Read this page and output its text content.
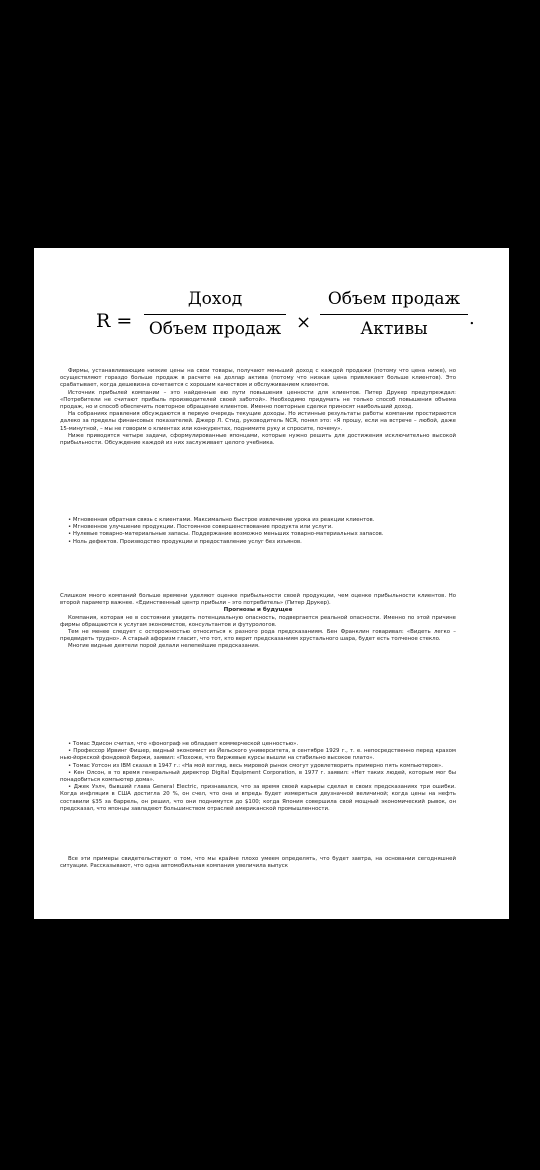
R =
Доход
Объем продаж ×
Объем продаж
Активы	.

Фирмы, устанавливающие низкие цены на свои товары, получают меньший доход с каждой продажи (потому что цена ниже), но осуществляют гораздо больше продаж в расчете на доллар актива (потому что низкая цена привлекает больше клиентов). Это срабатывает, когда дешевизна сочетается с хорошим качеством и обслуживанием клиентов.

Источник прибылей компании – это найденные ею пути повышения ценности для клиентов. Питер Друкер предупреждал: «Потребители не считают прибыль производителей своей заботой». Необходимо придумать не только способ повышения объема продаж, но и способ обеспечить повторное обращение клиентов. Именно повторные сделки приносят наибольший доход.

На собраниях правления обсуждаются в первую очередь текущие доходы. Но истинные результаты работы компании простираются далеко за пределы финансовых показателей. Джерр Л. Стид, руководитель NCR, понял это: «Я прошу, если на встрече – любой, даже 15-минутной, – мы не говорим о клиентах или конкурентах, поднимите руку и спросите, почему».

Ниже приводятся четыре задачи, сформулированные японцами, которые нужно решить для достижения исключительно высокой прибыльности. Обсуждение каждой из них заслуживает целого учебника.

• Мгновенная обратная связь с клиентами. Максимально быстрое извлечение урока из реакции клиентов.

• Мгновенное улучшение продукции. Постоянное совершенствование продукта или услуги.

• Нулевые товарно-материальные запасы. Поддержание возможно меньших товарно-материальных запасов.

• Ноль дефектов. Производство продукции и предоставление услуг без изъянов.

Слишком много компаний больше времени уделяют оценке прибыльности своей продукции, чем оценке прибыльности клиентов. Но второй параметр важнее. «Единственный центр прибыли – это потребитель» (Питер Друкер).

Прогнозы и будущее

Компания, которая не в состоянии увидеть потенциальную опасность, подвергается реальной опасности. Именно по этой причине фирмы обращаются к услугам экономистов, консультантов и футурологов.

Тем не менее следует с осторожностью относиться к разного рода предсказаниям. Бен Франклин говаривал: «Видеть легко – предвидеть трудно». А старый афоризм гласит, что тот, кто верит предсказаниям хрустального шара, будет есть толченое стекло.

Многие видные деятели порой делали нелепейшие предсказания.

• Томас Эдисон считал, что «фонограф не обладает коммерческой ценностью».

• Профессор Ирвинг Фишер, видный экономист из Йельского университета, в сентябре 1929 г., т. е. непосредственно перед крахом нью-йоркской фондовой биржи, заявил: «Похоже, что биржевые курсы вышли на стабильно высокое плато».

• Томас Уотсон из IBM сказал в 1947 г.: «На мой взгляд, весь мировой рынок смогут удовлетворить примерно пять компьютеров».

• Кен Олсон, в то время генеральный директор Digital Equipment Corporation, в 1977 г. заявил: «Нет таких людей, которым мог бы понадобиться компьютер дома».

• Джек Уэлч, бывший глава General Electric, признавался, что за время своей карьеры сделал в своих предсказаниях три ошибки. Когда инфляция в США достигла 20 %, он счел, что она и впредь будет измеряться двузначной величиной; когда цены на нефть составили $35 за баррель, он решил, что они поднимутся до $100; когда Япония совершила свой мощный экономический рывок, он предсказал, что японцы завладеют большинством отраслей американской промышленности.

Все эти примеры свидетельствуют о том, что мы крайне плохо умеем определять, что будет завтра, на основании сегодняшней ситуации. Рассказывают, что одна автомобильная компания увеличила выпуск
